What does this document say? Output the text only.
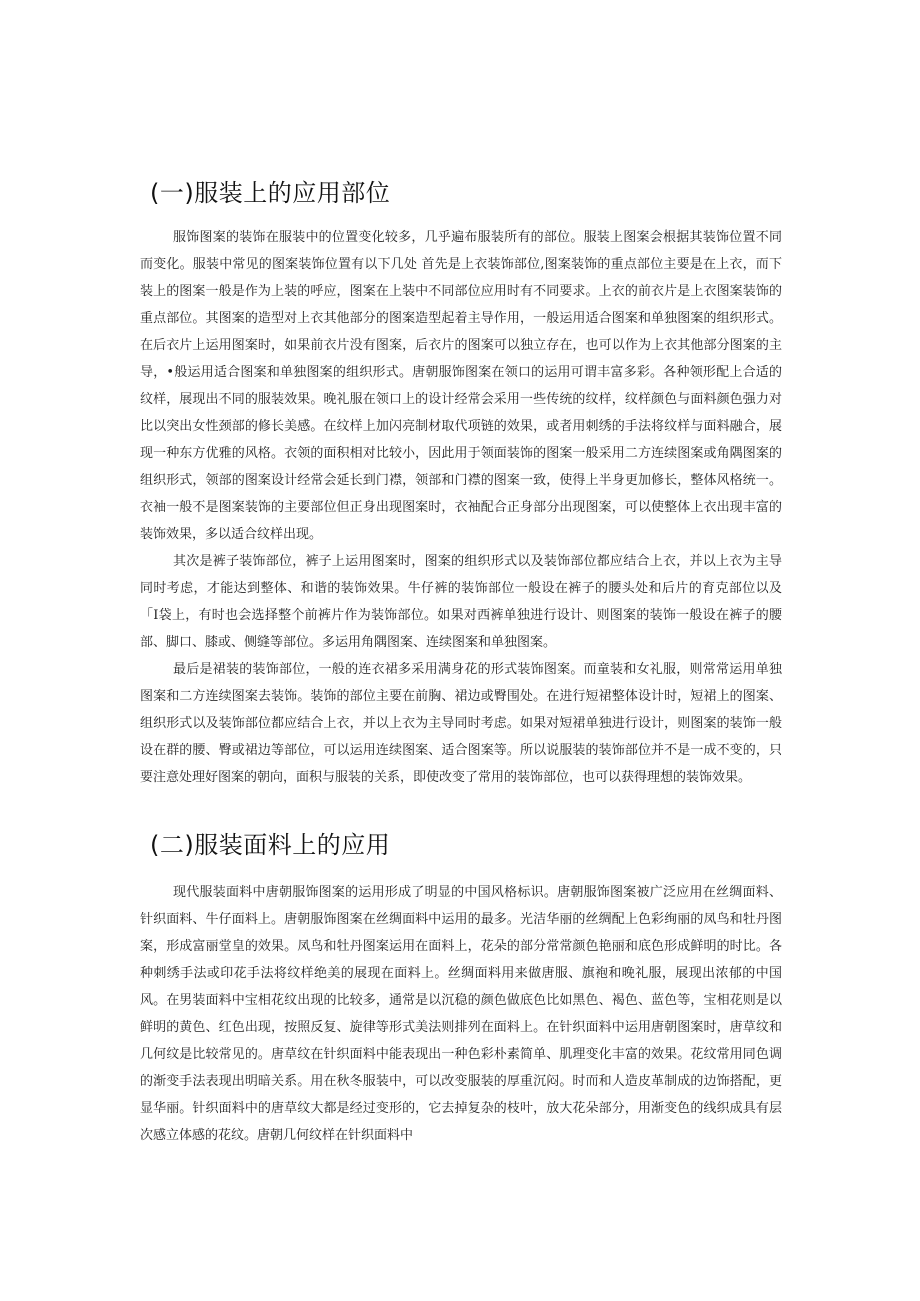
(一)服装上的应用部位

服饰图案的装饰在服装中的位置变化较多，几乎遍布服装所有的部位。服装上图案会根据其装饰位置不同而变化。服装中常见的图案装饰位置有以下几处 首先是上衣装饰部位,图案装饰的重点部位主要是在上衣，而下装上的图案一般是作为上装的呼应，图案在上装中不同部位应用时有不同要求。上衣的前衣片是上衣图案装饰的重点部位。其图案的造型对上衣其他部分的图案造型起着主导作用，一般运用适合图案和单独图案的组织形式。在后衣片上运用图案时，如果前衣片没有图案，后衣片的图案可以独立存在，也可以作为上衣其他部分图案的主导，•般运用适合图案和单独图案的组织形式。唐朝服饰图案在领口的运用可谓丰富多彩。各种领形配上合适的纹样，展现出不同的服装效果。晚礼服在领口上的设计经常会采用一些传统的纹样，纹样颜色与面料颜色强力对比以突出女性颈部的修长美感。在纹样上加闪亮制材取代项链的效果，或者用刺绣的手法将纹样与面料融合，展现一种东方优雅的风格。衣领的面积相对比较小，因此用于领面装饰的图案一般采用二方连续图案或角隅图案的组织形式，领部的图案设计经常会延长到门襟，领部和门襟的图案一致，使得上半身更加修长，整体风格统一。衣袖一般不是图案装饰的主要部位但正身出现图案时，衣袖配合正身部分出现图案，可以使整体上衣出现丰富的装饰效果，多以适合纹样出现。

其次是裤子装饰部位，裤子上运用图案时，图案的组织形式以及装饰部位都应结合上衣，并以上衣为主导同时考虑，才能达到整体、和谐的装饰效果。牛仔裤的装饰部位一般设在裤子的腰头处和后片的育克部位以及「I袋上，有时也会选择整个前裤片作为装饰部位。如果对西裤单独进行设计、则图案的装饰一般设在裤子的腰部、脚口、膝或、侧缝等部位。多运用角隅图案、连续图案和单独图案。

最后是裙装的装饰部位，一般的连衣裙多采用满身花的形式装饰图案。而童装和女礼服，则常常运用单独图案和二方连续图案去装饰。装饰的部位主要在前胸、裙边或臀围处。在进行短裙整体设计时，短裙上的图案、组织形式以及装饰部位都应结合上衣，并以上衣为主导同时考虑。如果对短裙单独进行设计，则图案的装饰一般设在群的腰、臀或裙边等部位，可以运用连续图案、适合图案等。所以说服装的装饰部位并不是一成不变的，只要注意处理好图案的朝向，面积与服装的关系，即使改变了常用的装饰部位，也可以获得理想的装饰效果。

(二)服装面料上的应用

现代服装面料中唐朝服饰图案的运用形成了明显的中国风格标识。唐朝服饰图案被广泛应用在丝绸面料、针织面料、牛仔面料上。唐朝服饰图案在丝绸面料中运用的最多。光洁华丽的丝绸配上色彩绚丽的凤鸟和牡丹图案，形成富丽堂皇的效果。凤鸟和牡丹图案运用在面料上，花朵的部分常常颜色艳丽和底色形成鲜明的时比。各种刺绣手法或印花手法将纹样绝美的展现在面料上。丝绸面料用来做唐服、旗袍和晚礼服，展现出浓郁的中国风。在男装面料中宝相花纹出现的比较多，通常是以沉稳的颜色做底色比如黑色、褐色、蓝色等，宝相花则是以鲜明的黄色、红色出现，按照反复、旋律等形式美法则排列在面料上。在针织面料中运用唐朝图案时，唐草纹和几何纹是比较常见的。唐草纹在针织面料中能表现出一种色彩朴素简单、肌理变化丰富的效果。花纹常用同色调的渐变手法表现出明暗关系。用在秋冬服装中，可以改变服装的厚重沉闷。时而和人造皮革制成的边饰搭配，更显华丽。针织面料中的唐草纹大都是经过变形的，它去掉复杂的枝叶，放大花朵部分，用渐变色的线织成具有层次感立体感的花纹。唐朝几何纹样在针织面料中
